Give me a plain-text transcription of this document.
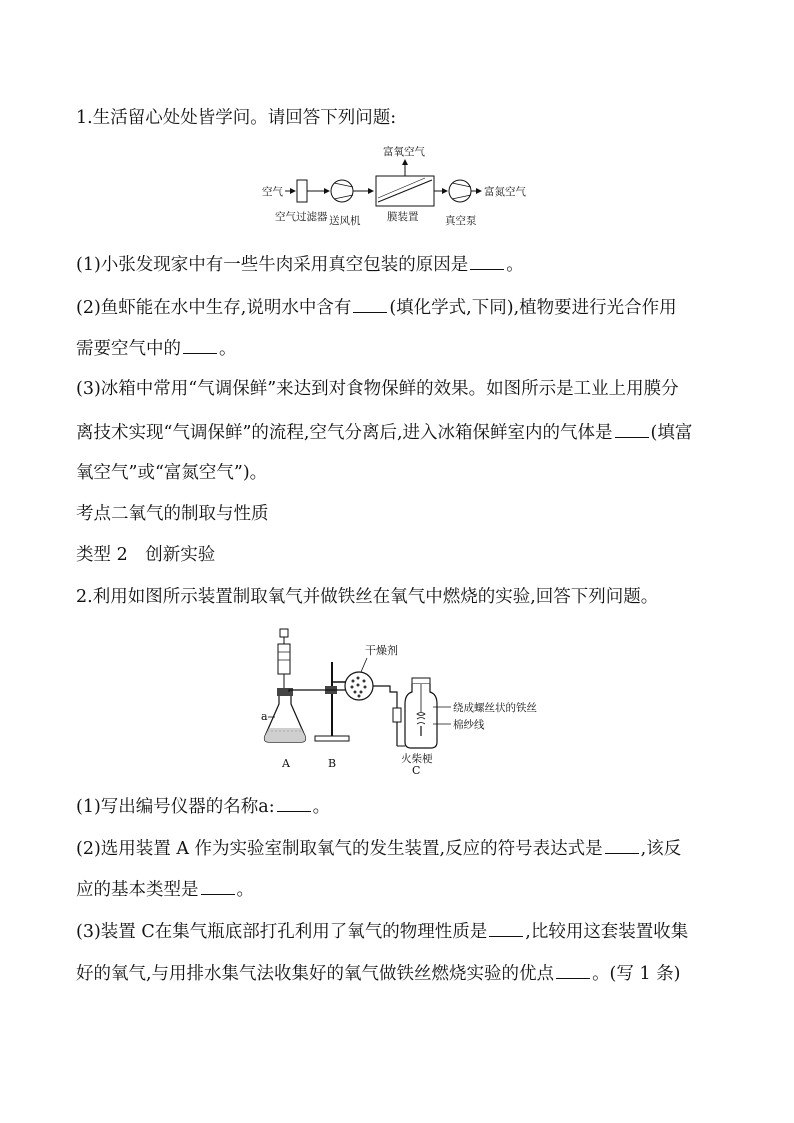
1.生活留心处处皆学问。请回答下列问题:
空气
富氧空气
富氮空气
空气过滤器 送风机	膜装置	真空泵
(1)小张发现家中有一些牛肉采用真空包装的原因是 。
(2)鱼虾能在水中生存,说明水中含有 (填化学式,下同),植物要进行光合作用
需要空气中的 。
(3)冰箱中常用“气调保鲜”来达到对食物保鲜的效果。如图所示是工业上用膜分
离技术实现“气调保鲜”的流程,空气分离后,进入冰箱保鲜室内的气体是 (填富
氧空气”或“富氮空气”)。
考点二氧气的制取与性质
类型 2　创新实验
2.利用如图所示装置制取氧气并做铁丝在氧气中燃烧的实验,回答下列问题。
a
干燥剂
绕成螺丝状的铁丝
棉纱线
火柴梗
A	B
C
(1)写出编号仪器的名称a: 。
(2)选用装置 A 作为实验室制取氧气的发生装置,反应的符号表达式是 ,该反
应的基本类型是 。
(3)装置 C在集气瓶底部打孔利用了氧气的物理性质是 ,比较用这套装置收集
好的氧气,与用排水集气法收集好的氧气做铁丝燃烧实验的优点 。(写 1 条)
